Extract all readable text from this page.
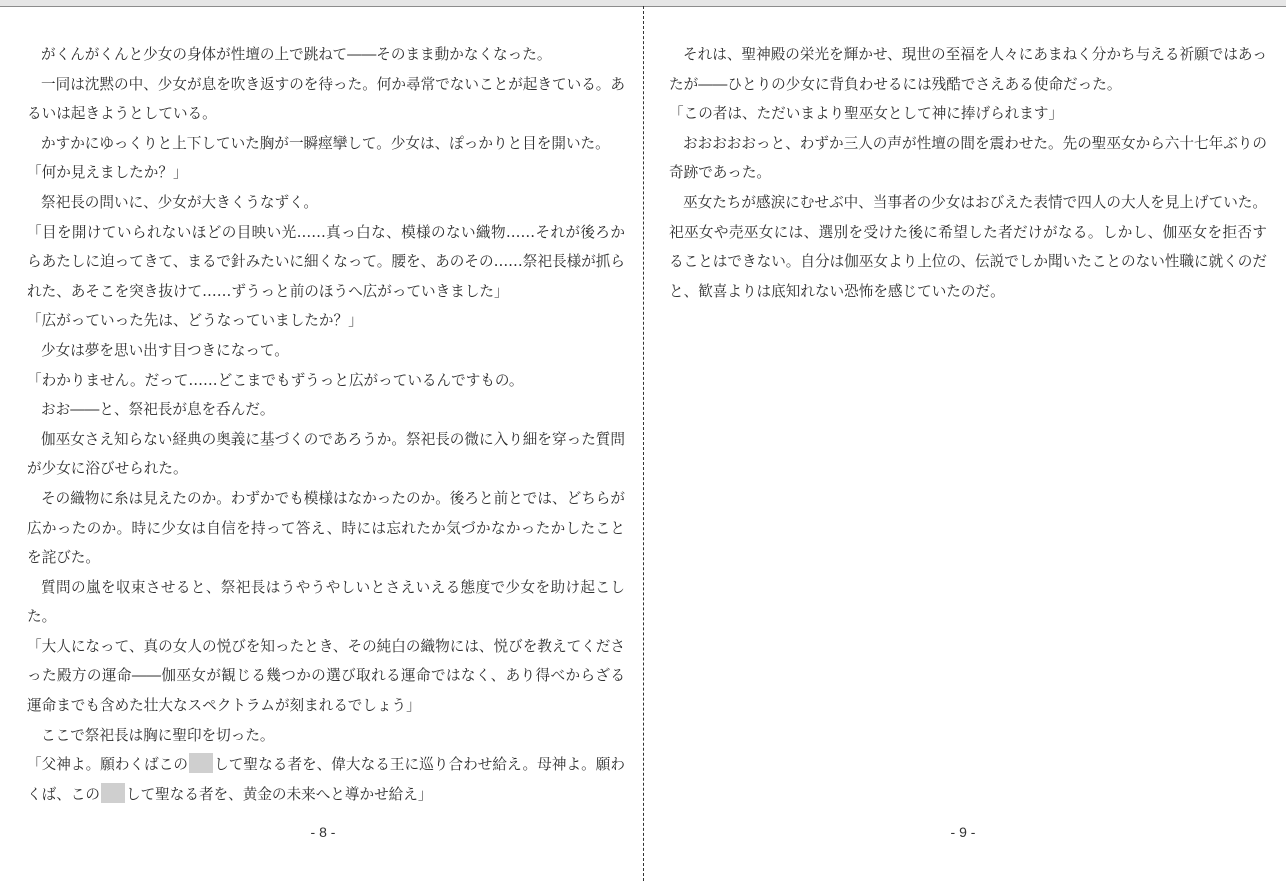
がくんがくんと少女の身体が性壇の上で跳ねて――そのまま動かなくなった。

一同は沈黙の中、少女が息を吹き返すのを待った。何か尋常でないことが起きている。あるいは起きようとしている。

かすかにゆっくりと上下していた胸が一瞬痙攣して。少女は、ぽっかりと目を開いた。

「何か見えましたか？」

祭祀長の問いに、少女が大きくうなずく。

「目を開けていられないほどの目映い光……真っ白な、模様のない織物……それが後ろからあたしに迫ってきて、まるで針みたいに細くなって。腰を、あのその……祭祀長様が抓られた、あそこを突き抜けて……ずうっと前のほうへ広がっていきました」

「広がっていった先は、どうなっていましたか？」

少女は夢を思い出す目つきになって。

「わかりません。だって……どこまでもずうっと広がっているんですもの。

おお――と、祭祀長が息を呑んだ。

伽巫女さえ知らない経典の奥義に基づくのであろうか。祭祀長の微に入り細を穿った質問が少女に浴びせられた。

その織物に糸は見えたのか。わずかでも模様はなかったのか。後ろと前とでは、どちらが広かったのか。時に少女は自信を持って答え、時には忘れたか気づかなかったかしたことを詫びた。

質問の嵐を収束させると、祭祀長はうやうやしいとさえいえる態度で少女を助け起こした。

「大人になって、真の女人の悦びを知ったとき、その純白の織物には、悦びを教えてくださった殿方の運命――伽巫女が観じる幾つかの選び取れる運命ではなく、あり得べからざる運命までも含めた壮大なスペクトラムが刻まれるでしょう」

ここで祭祀長は胸に聖印を切った。

「父神よ。願わくばこの して聖なる者を、偉大なる王に巡り合わせ給え。母神よ。願わくば、この して聖なる者を、黄金の未来へと導かせ給え」

- 8 -

それは、聖神殿の栄光を輝かせ、現世の至福を人々にあまねく分かち与える祈願ではあったが――ひとりの少女に背負わせるには残酷でさえある使命だった。

「この者は、ただいまより聖巫女として神に捧げられます」

おおおおおっと、わずか三人の声が性壇の間を震わせた。先の聖巫女から六十七年ぶりの奇跡であった。

巫女たちが感涙にむせぶ中、当事者の少女はおびえた表情で四人の大人を見上げていた。祀巫女や売巫女には、選別を受けた後に希望した者だけがなる。しかし、伽巫女を拒否することはできない。自分は伽巫女より上位の、伝説でしか聞いたことのない性職に就くのだと、歓喜よりは底知れない恐怖を感じていたのだ。

- 9 -
